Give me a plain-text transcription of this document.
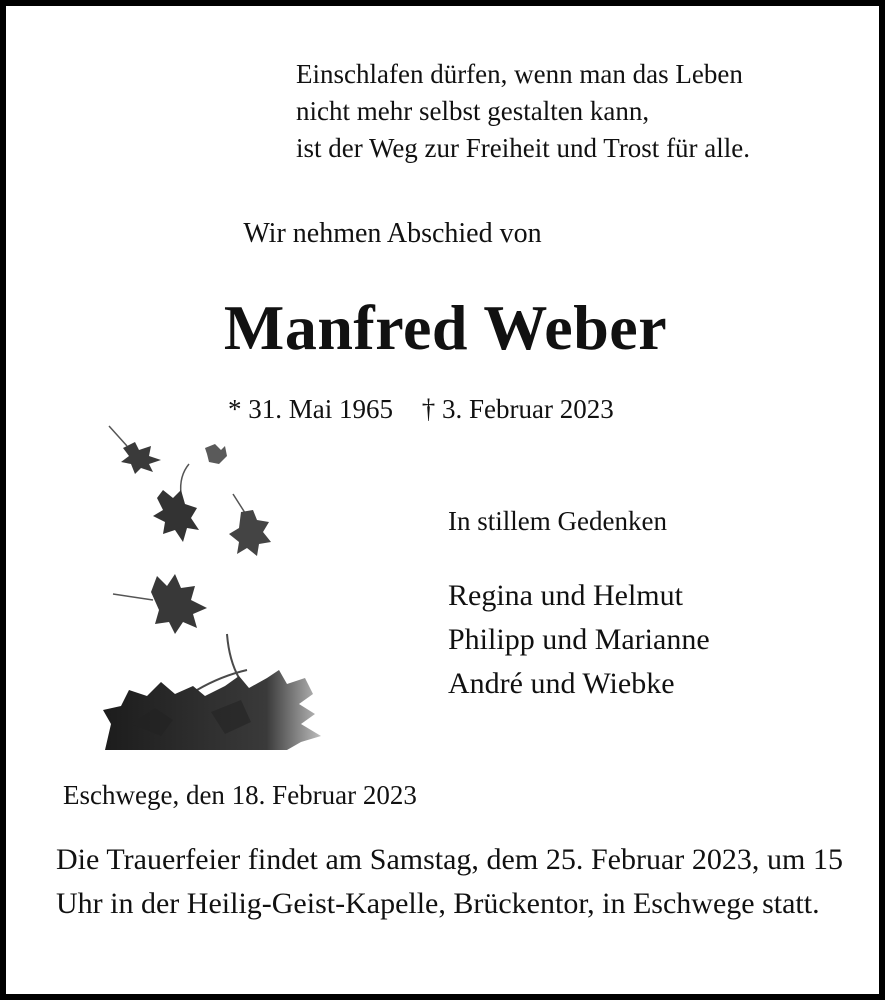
Einschlafen dürfen, wenn man das Leben
nicht mehr selbst gestalten kann,
ist der Weg zur Freiheit und Trost für alle.
Wir nehmen Abschied von
Manfred Weber
* 31. Mai 1965 † 3. Februar 2023
In stillem Gedenken
Regina und Helmut
Philipp und Marianne
André und Wiebke
Eschwege, den 18. Februar 2023
Die Trauerfeier findet am Samstag, dem 25. Februar 2023, um 15 Uhr in der Heilig-Geist-Kapelle, Brückentor, in Eschwege statt.
